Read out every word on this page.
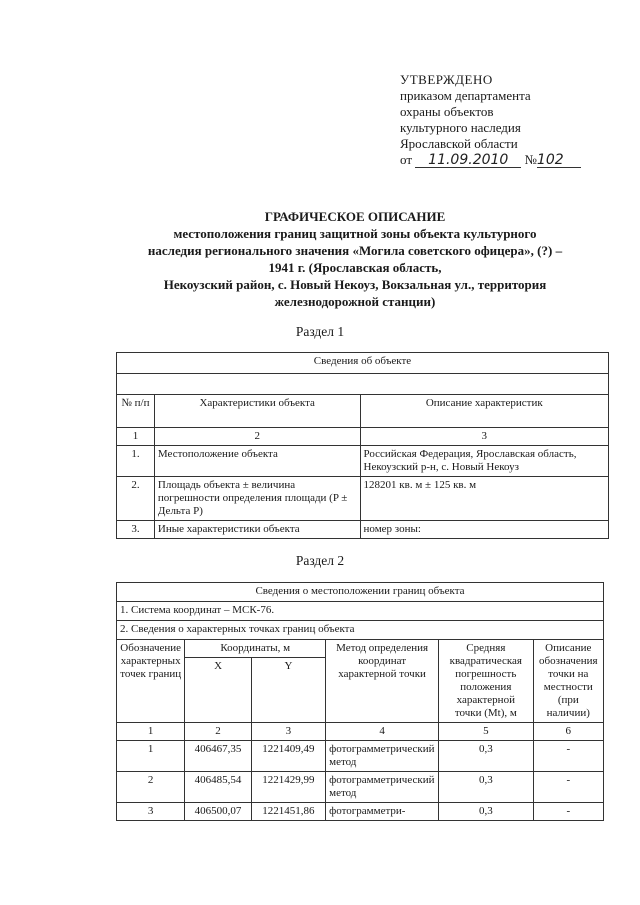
УТВЕРЖДЕНО
приказом департамента
охраны объектов
культурного наследия
Ярославской области
от 11.09.2010 №102
ГРАФИЧЕСКОЕ ОПИСАНИЕ
местоположения границ защитной зоны объекта культурного
наследия регионального значения «Могила советского офицера», (?) –
1941 г. (Ярославская область,
Некоузский район, с. Новый Некоуз, Вокзальная ул., территория
железнодорожной станции)
Раздел 1
Сведения об объекте		

№ п/п	Характеристики объекта	Описание характеристик
1	2	3
1.	Местоположение объекта	Российская Федерация, Ярославская область, Некоузский р-н, с. Новый Некоуз
2.	Площадь объекта ± величина погрешности определения площади (P ± Дельта P)	128201 кв. м ± 125 кв. м
3.	Иные характеристики объекта	номер зоны:
Раздел 2
Сведения о местоположении границ объекта					
1. Система координат – МСК-76.					
2. Сведения о характерных точках границ объекта					
Обозначение характерных точек границ	Координаты, м		Метод определения координат характерной точки	Средняя квадратическая погрешность положения характерной точки (Mt), м	Описание обозначения точки на местности (при наличии)
	X	Y			
1	2	3	4	5	6
1	406467,35	1221409,49	фотограмметрический метод	0,3	-
2	406485,54	1221429,99	фотограмметрический метод	0,3	-
3	406500,07	1221451,86	фотограмметри-	0,3	-
